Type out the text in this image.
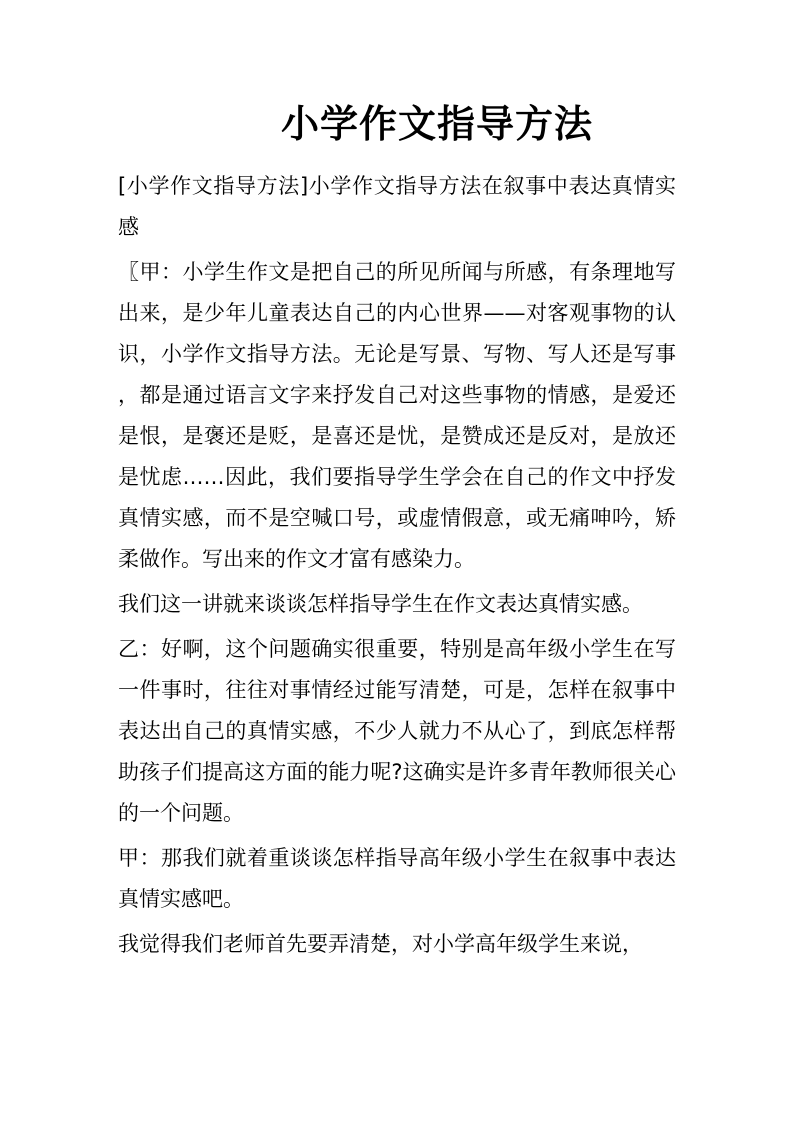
小学作文指导方法

[小学作文指导方法]小学作文指导方法在叙事中表达真情实感

〖甲：小学生作文是把自己的所见所闻与所感，有条理地写出来，是少年儿童表达自己的内心世界——对客观事物的认识，小学作文指导方法。无论是写景、写物、写人还是写事，都是通过语言文字来抒发自己对这些事物的情感，是爱还是恨，是褒还是贬，是喜还是忧，是赞成还是反对，是放还是忧虑……因此，我们要指导学生学会在自己的作文中抒发真情实感，而不是空喊口号，或虚情假意，或无痛呻吟，矫柔做作。写出来的作文才富有感染力。

我们这一讲就来谈谈怎样指导学生在作文表达真情实感。

乙：好啊，这个问题确实很重要，特别是高年级小学生在写一件事时，往往对事情经过能写清楚，可是，怎样在叙事中表达出自己的真情实感，不少人就力不从心了，到底怎样帮助孩子们提高这方面的能力呢?这确实是许多青年教师很关心的一个问题。

甲：那我们就着重谈谈怎样指导高年级小学生在叙事中表达真情实感吧。

我觉得我们老师首先要弄清楚，对小学高年级学生来说，
